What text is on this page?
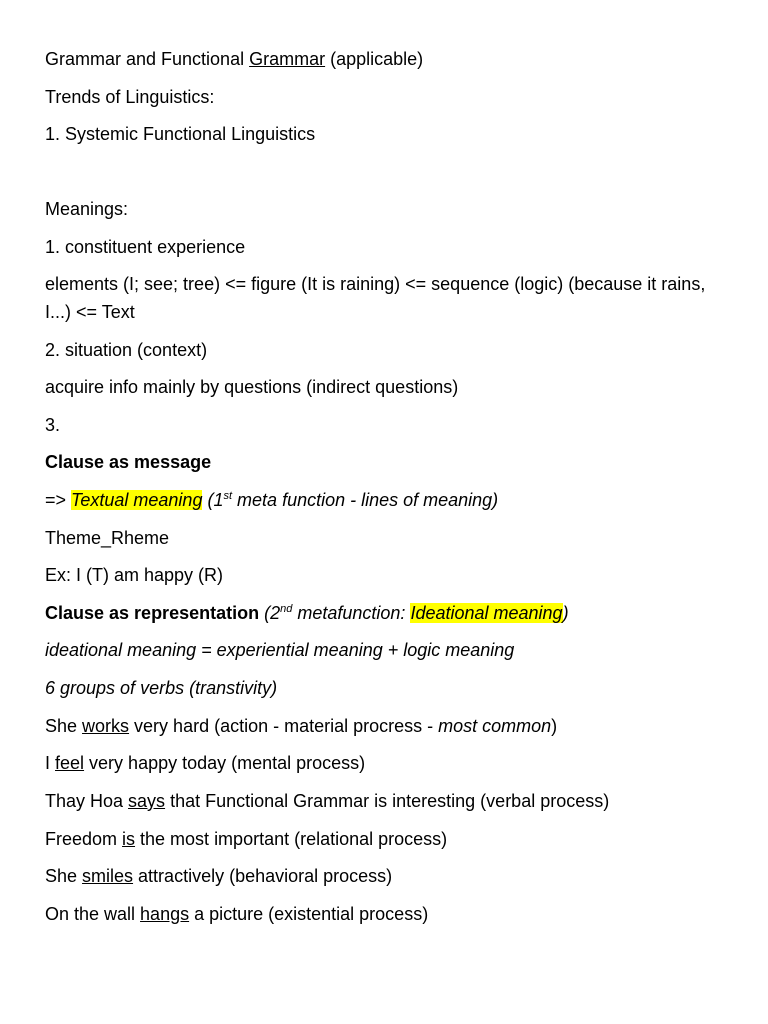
Grammar and Functional Grammar (applicable)
Trends of Linguistics:
1. Systemic Functional Linguistics
Meanings:
1. constituent experience
elements (I; see; tree) <= figure (It is raining) <= sequence (logic) (because it rains, I...) <= Text
2. situation (context)
acquire info mainly by questions (indirect questions)
3.
Clause as message
=> Textual meaning (1st meta function - lines of meaning)
Theme_Rheme
Ex: I (T) am happy (R)
Clause as representation (2nd metafunction: Ideational meaning)
ideational meaning = experiential meaning + logic meaning
6 groups of verbs (transtivity)
She works very hard (action - material procress - most common)
I feel very happy today (mental process)
Thay Hoa says that Functional Grammar is interesting (verbal process)
Freedom is the most important (relational process)
She smiles attractively (behavioral process)
On the wall hangs a picture (existential process)
